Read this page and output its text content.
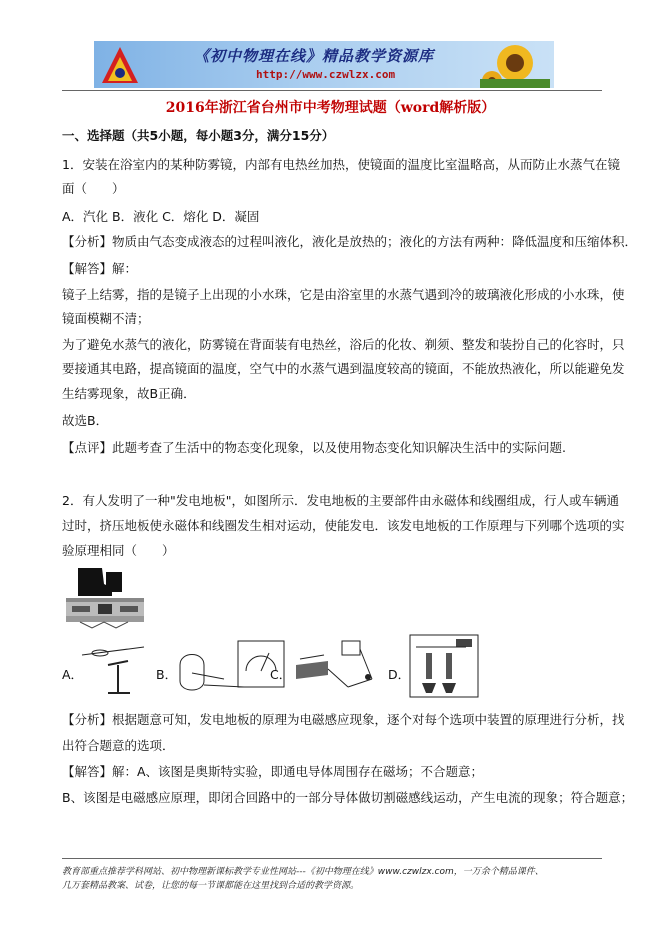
《初中物理在线》精品教学资源库
http://www.czwlzx.com
2016年浙江省台州市中考物理试题（word解析版）
一、选择题（共5小题，每小题3分，满分15分）
1．安装在浴室内的某种防雾镜，内部有电热丝加热，使镜面的温度比室温略高，从而防止水蒸气在镜
面（　　）
A．汽化 B．液化 C．熔化 D．凝固
【分析】物质由气态变成液态的过程叫液化，液化是放热的；液化的方法有两种：降低温度和压缩体积．
【解答】解：
镜子上结雾，指的是镜子上出现的小水珠，它是由浴室里的水蒸气遇到冷的玻璃液化形成的小水珠，使
镜面模糊不清；
为了避免水蒸气的液化，防雾镜在背面装有电热丝，浴后的化妆、剃须、整发和装扮自己的化容时，只
要接通其电路，提高镜面的温度，空气中的水蒸气遇到温度较高的镜面，不能放热液化，所以能避免发
生结雾现象，故B正确．
故选B．
【点评】此题考查了生活中的物态变化现象，以及使用物态变化知识解决生活中的实际问题.
2．有人发明了一种"发电地板"，如图所示．发电地板的主要部件由永磁体和线圈组成，行人或车辆通
过时，挤压地板使永磁体和线圈发生相对运动，使能发电．该发电地板的工作原理与下列哪个选项的实
验原理相同（　　）
A．	B．	C．	D．
【分析】根据题意可知，发电地板的原理为电磁感应现象，逐个对每个选项中装置的原理进行分析，找
出符合题意的选项．
【解答】解：A、该图是奥斯特实验，即通电导体周围存在磁场；不合题意；
B、该图是电磁感应原理，即闭合回路中的一部分导体做切割磁感线运动，产生电流的现象；符合题意；
教育部重点推荐学科网站、初中物理新课标教学专业性网站---《初中物理在线》www.czwlzx.com，一万余个精品课件、
几万套精品教案、试卷，让您的每一节课都能在这里找到合适的教学资源。
